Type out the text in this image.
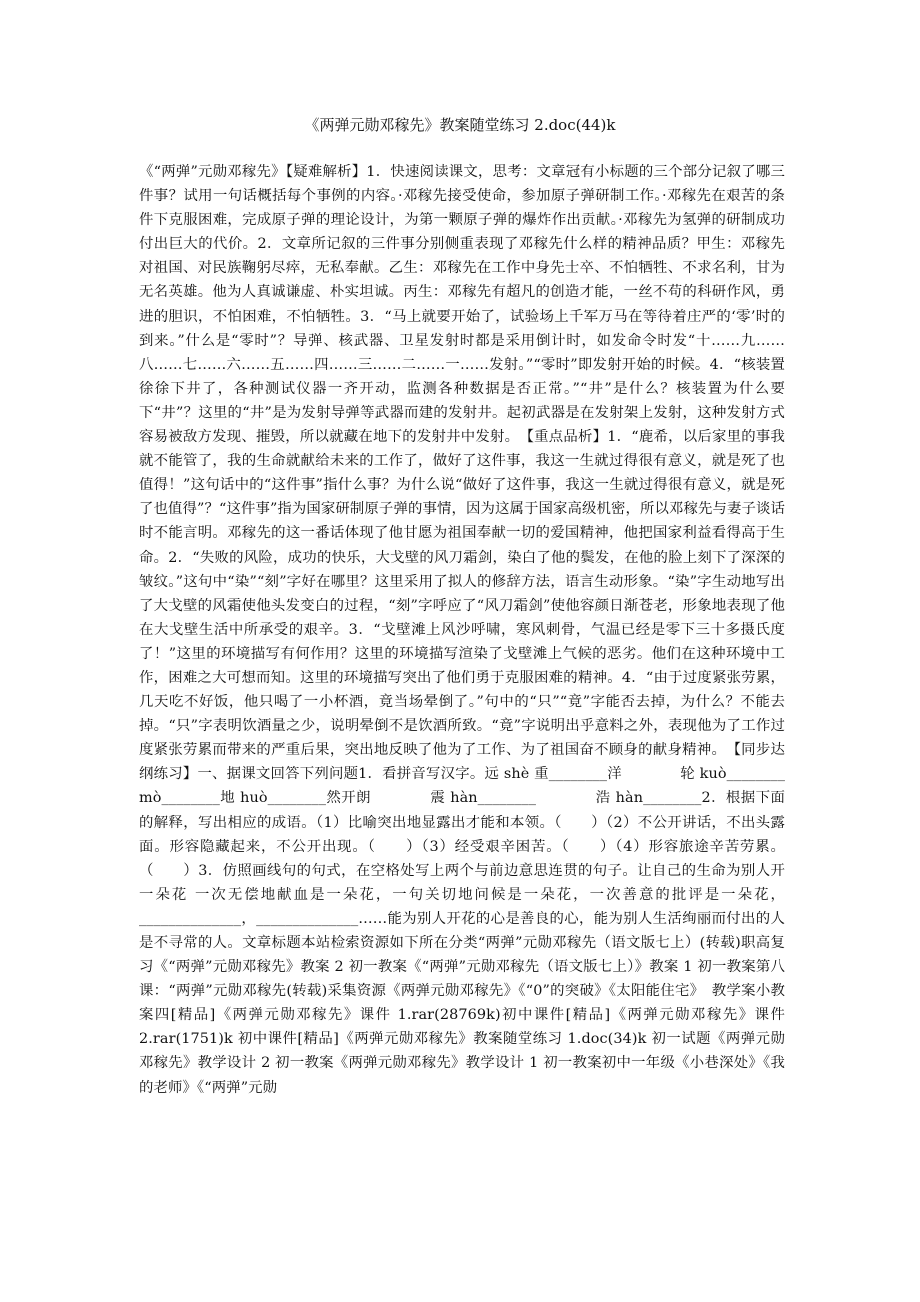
《两弹元勋邓稼先》教案随堂练习 2.doc(44)k

《“两弹”元勋邓稼先》【疑难解析】1．快速阅读课文，思考：文章冠有小标题的三个部分记叙了哪三件事？试用一句话概括每个事例的内容。·邓稼先接受使命，参加原子弹研制工作。·邓稼先在艰苦的条件下克服困难，完成原子弹的理论设计，为第一颗原子弹的爆炸作出贡献。·邓稼先为氢弹的研制成功付出巨大的代价。2．文章所记叙的三件事分别侧重表现了邓稼先什么样的精神品质？甲生：邓稼先对祖国、对民族鞠躬尽瘁，无私奉献。乙生：邓稼先在工作中身先士卒、不怕牺牲、不求名利，甘为无名英雄。他为人真诚谦虚、朴实坦诚。丙生：邓稼先有超凡的创造才能，一丝不苟的科研作风，勇进的胆识，不怕困难，不怕牺牲。3．“马上就要开始了，试验场上千军万马在等待着庄严的‘零’时的到来。”什么是“零时”？导弹、核武器、卫星发射时都是采用倒计时，如发命令时发“十……九……八……七……六……五……四……三……二……一……发射。”“零时”即发射开始的时候。4．“核装置徐徐下井了，各种测试仪器一齐开动，监测各种数据是否正常。”“井”是什么？核装置为什么要下“井”？这里的“井”是为发射导弹等武器而建的发射井。起初武器是在发射架上发射，这种发射方式容易被敌方发现、摧毁，所以就藏在地下的发射井中发射。　【重点品析】1．“鹿希，以后家里的事我就不能管了，我的生命就献给未来的工作了，做好了这件事，我这一生就过得很有意义，就是死了也值得！”这句话中的“这件事”指什么事？为什么说“做好了这件事，我这一生就过得很有意义，就是死了也值得”？“这件事”指为国家研制原子弹的事情，因为这属于国家高级机密，所以邓稼先与妻子谈话时不能言明。邓稼先的这一番话体现了他甘愿为祖国奉献一切的爱国精神，他把国家利益看得高于生命。2．“失败的风险，成功的快乐，大戈壁的风刀霜剑，染白了他的鬓发，在他的脸上刻下了深深的皱纹。”这句中“染”“刻”字好在哪里？这里采用了拟人的修辞方法，语言生动形象。“染”字生动地写出了大戈壁的风霜使他头发变白的过程，“刻”字呼应了“风刀霜剑”使他容颜日渐苍老，形象地表现了他在大戈壁生活中所承受的艰辛。3．“戈壁滩上风沙呼啸，寒风刺骨，气温已经是零下三十多摄氏度了！”这里的环境描写有何作用？这里的环境描写渲染了戈壁滩上气候的恶劣。他们在这种环境中工作，困难之大可想而知。这里的环境描写突出了他们勇于克服困难的精神。4．“由于过度紧张劳累，几天吃不好饭，他只喝了一小杯酒，竟当场晕倒了。”句中的“只”“竟”字能否去掉，为什么？不能去掉。“只”字表明饮酒量之少，说明晕倒不是饮酒所致。“竟”字说明出乎意料之外，表现他为了工作过度紧张劳累而带来的严重后果，突出地反映了他为了工作、为了祖国奋不顾身的献身精神。　【同步达纲练习】一、据课文回答下列问题1．看拼音写汉字。远 shè 重________洋　　　　轮 kuò________　　　　　mò________地 huò________然开朗　　　　震 hàn________　　　　浩 hàn________2．根据下面的解释，写出相应的成语。（1）比喻突出地显露出才能和本领。（　　）（2）不公开讲话，不出头露面。形容隐藏起来，不公开出现。（　　）（3）经受艰辛困苦。（　　）（4）形容旅途辛苦劳累。（　　）3．仿照画线句的句式，在空格处写上两个与前边意思连贯的句子。让自己的生命为别人开一朵花 一次无偿地献血是一朵花，一句关切地问候是一朵花，一次善意的批评是一朵花，______________，______________……能为别人开花的心是善良的心，能为别人生活绚丽而付出的人是不寻常的人。文章标题本站检索资源如下所在分类“两弹”元勋邓稼先（语文版七上）(转载)职高复习《“两弹”元勋邓稼先》教案 2 初一教案《“两弹”元勋邓稼先（语文版七上）》教案 1 初一教案第八课：“两弹”元勋邓稼先(转载)采集资源《两弹元勋邓稼先》《“0”的突破》《太阳能住宅》　教学案小教案四[精品]《两弹元勋邓稼先》课件 1.rar(28769k)初中课件[精品]《两弹元勋邓稼先》课件 2.rar(1751)k 初中课件[精品]《两弹元勋邓稼先》教案随堂练习 1.doc(34)k 初一试题《两弹元勋邓稼先》教学设计 2 初一教案《两弹元勋邓稼先》教学设计 1 初一教案初中一年级《小巷深处》《我的老师》《“两弹”元勋
